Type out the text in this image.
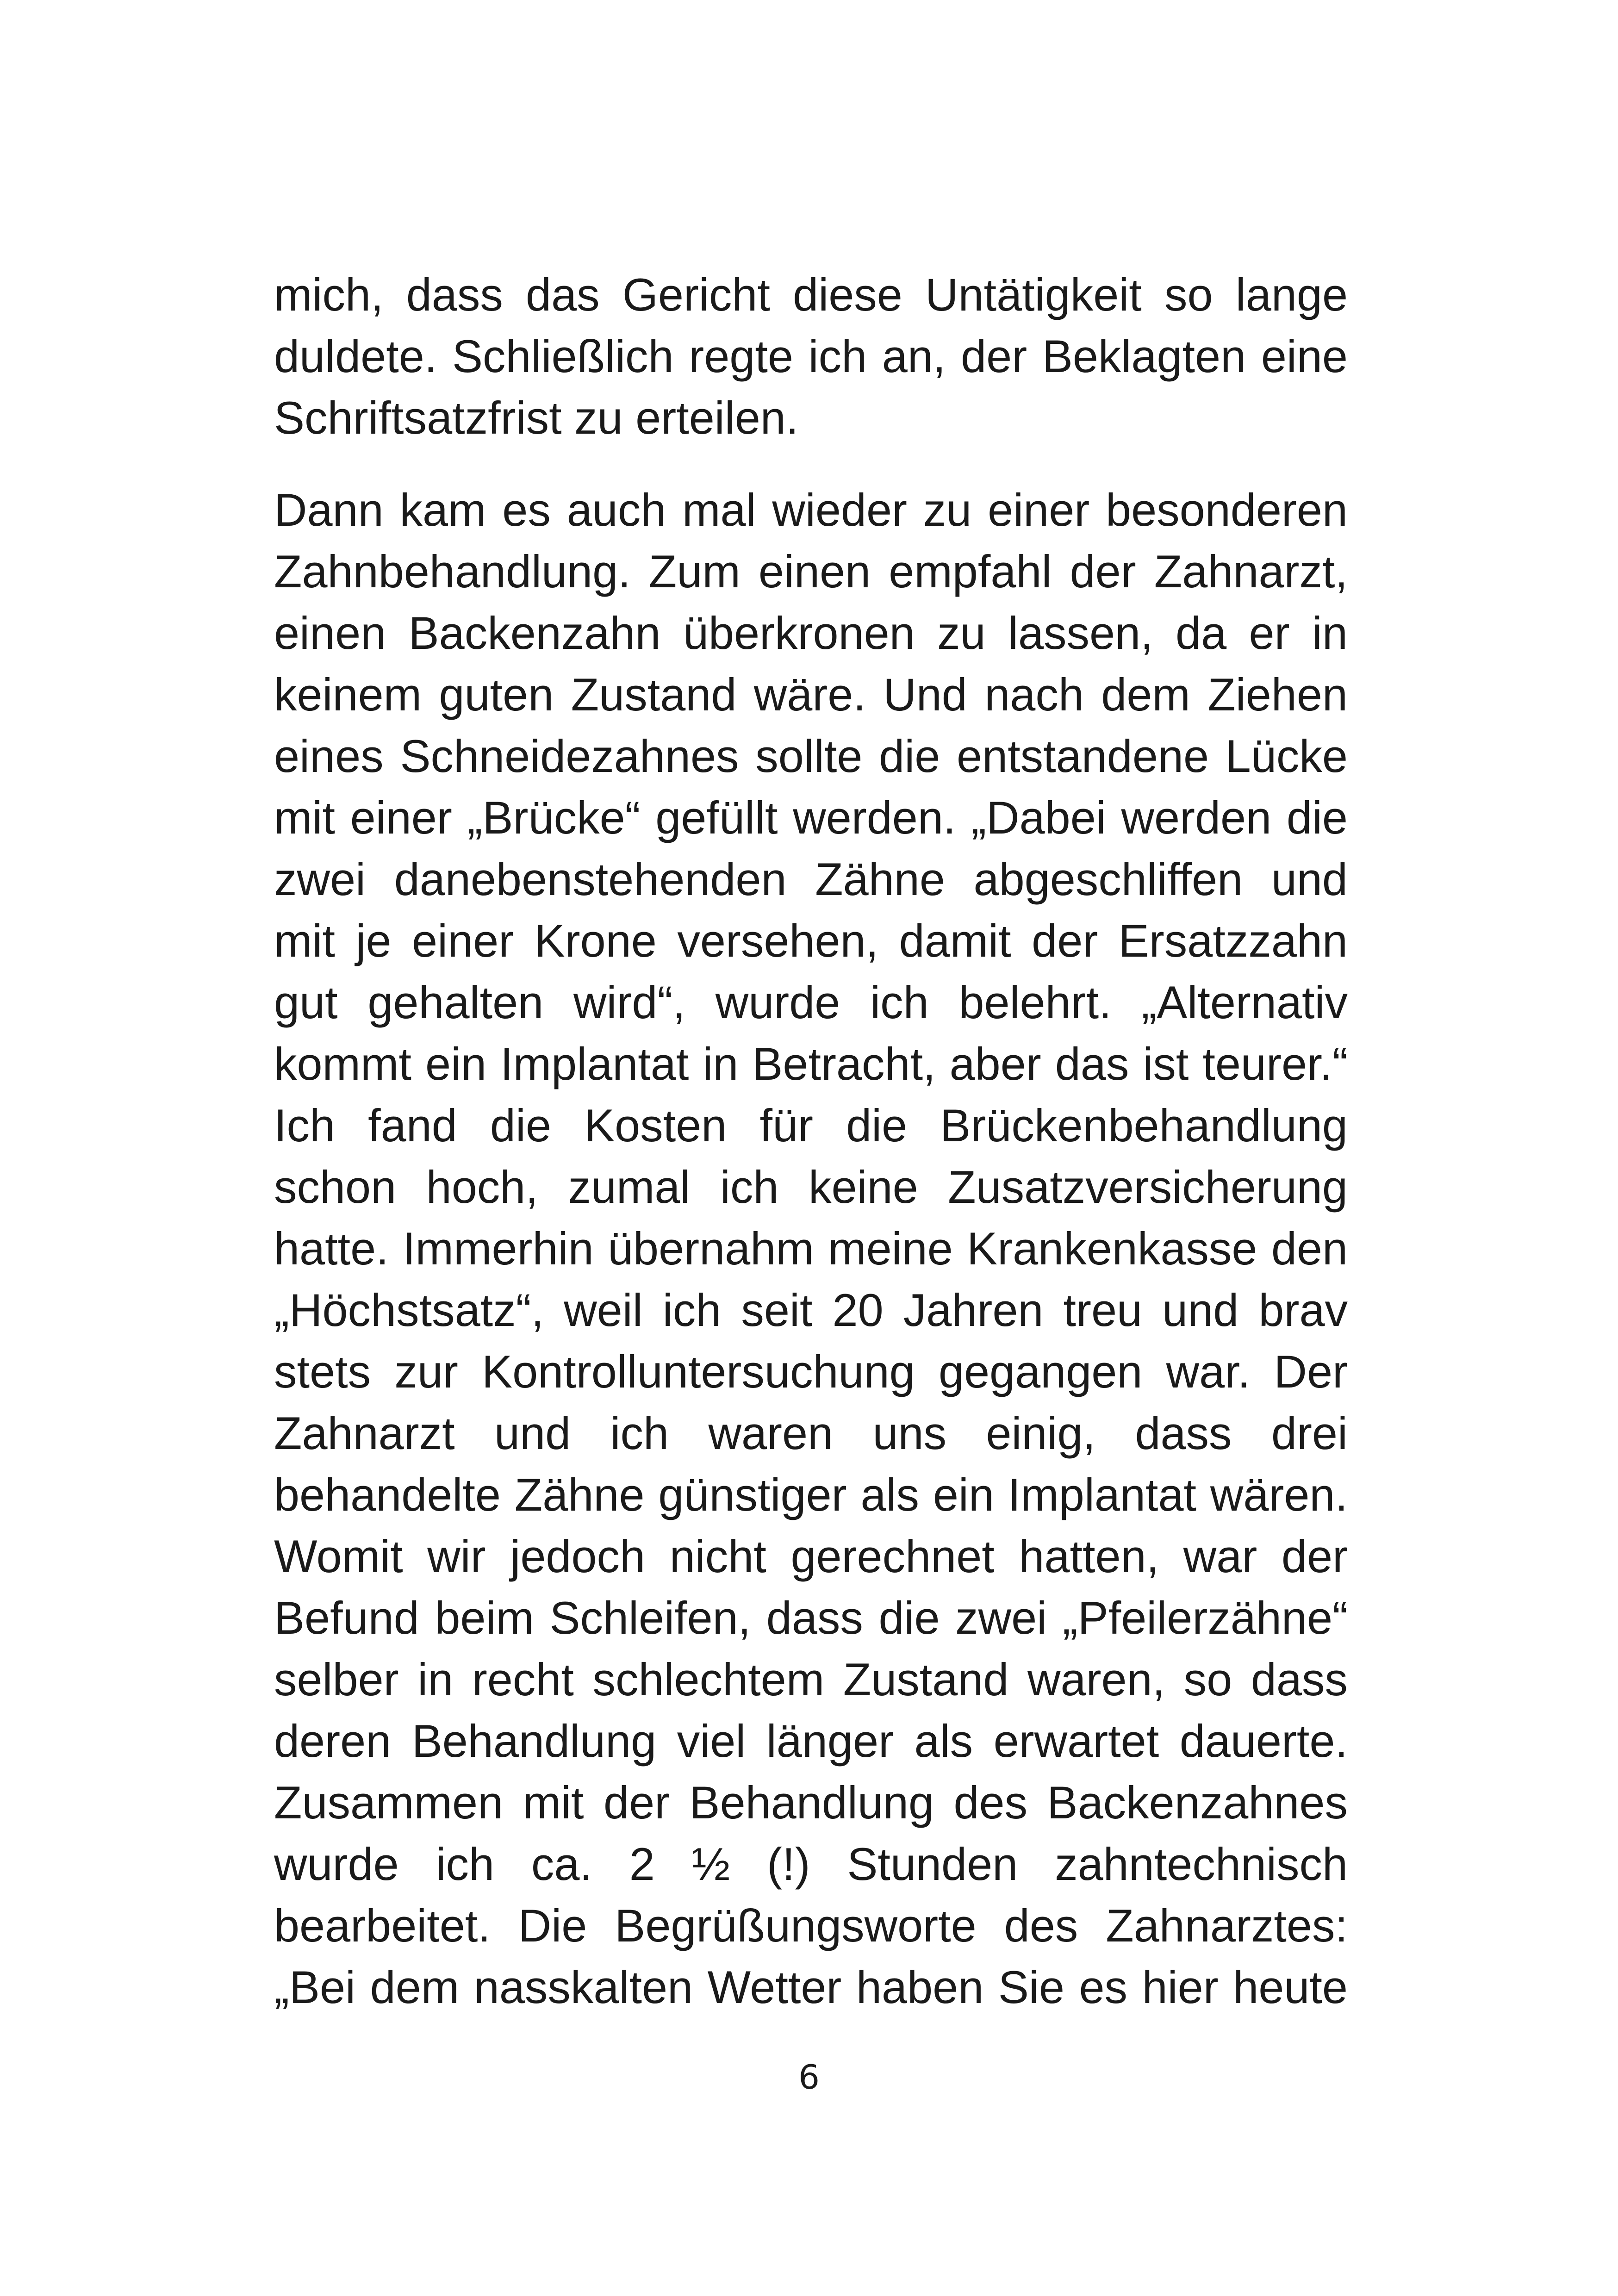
mich, dass das Gericht diese Untätigkeit so lange
duldete. Schließlich regte ich an, der Beklagten eine
Schriftsatzfrist zu erteilen.

Dann kam es auch mal wieder zu einer besonderen
Zahnbehandlung. Zum einen empfahl der Zahnarzt,
einen Backenzahn überkronen zu lassen, da er in
keinem guten Zustand wäre. Und nach dem Ziehen
eines Schneidezahnes sollte die entstandene Lücke
mit einer „Brücke“ gefüllt werden. „Dabei werden die
zwei danebenstehenden Zähne abgeschliffen und
mit je einer Krone versehen, damit der Ersatzzahn
gut gehalten wird“, wurde ich belehrt. „Alternativ
kommt ein Implantat in Betracht, aber das ist teurer.“
Ich fand die Kosten für die Brückenbehandlung
schon hoch, zumal ich keine Zusatzversicherung
hatte. Immerhin übernahm meine Krankenkasse den
„Höchstsatz“, weil ich seit 20 Jahren treu und brav
stets zur Kontrolluntersuchung gegangen war. Der
Zahnarzt und ich waren uns einig, dass drei
behandelte Zähne günstiger als ein Implantat wären.
Womit wir jedoch nicht gerechnet hatten, war der
Befund beim Schleifen, dass die zwei „Pfeilerzähne“
selber in recht schlechtem Zustand waren, so dass
deren Behandlung viel länger als erwartet dauerte.
Zusammen mit der Behandlung des Backenzahnes
wurde ich ca. 2 ½ (!) Stunden zahntechnisch
bearbeitet. Die Begrüßungsworte des Zahnarztes:
„Bei dem nasskalten Wetter haben Sie es hier heute

6
